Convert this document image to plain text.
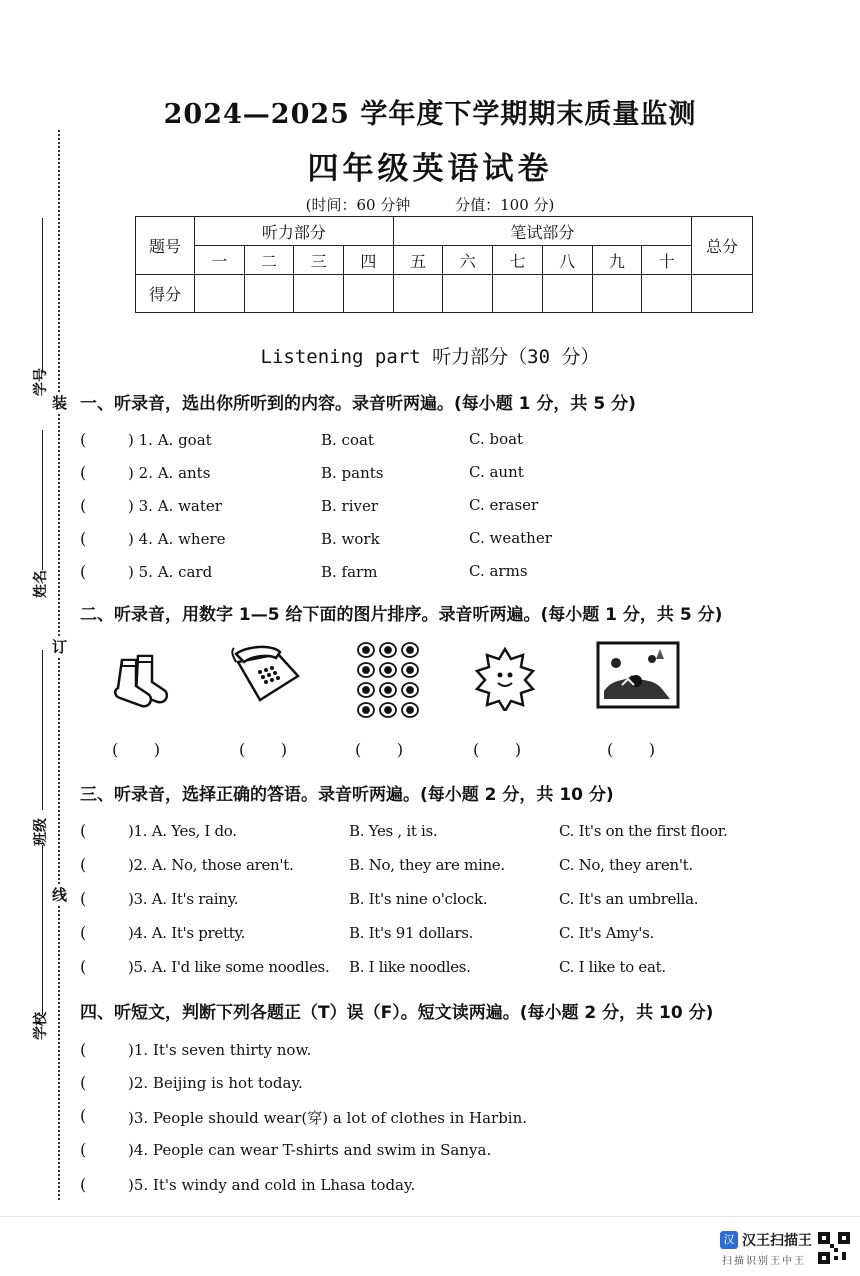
学号
姓名
班级
学校
装
订
线
2024—2025 学年度下学期期末质量监测
四年级英语试卷
(时间：60 分钟	分值：100 分)
题号	听力部分				笔试部分						总分
	一	二	三	四	五	六	七	八	九	十	
得分											
Listening part 听力部分（30 分）
一、听录音，选出你所听到的内容。录音听两遍。(每小题 1 分，共 5 分)
(	) 1. A. goat	B. coat	C. boat
(	) 2. A. ants	B. pants	C. aunt
(	) 3. A. water	B. river	C. eraser
(	) 4. A. where	B. work	C. weather
(	) 5. A. card	B. farm	C. arms
二、听录音，用数字 1—5 给下面的图片排序。录音听两遍。(每小题 1 分，共 5 分)
(       )	(       )	(       )	(       )	(       )
三、听录音，选择正确的答语。录音听两遍。(每小题 2 分，共 10 分)
(	)1. A. Yes, I do.	B. Yes , it is.	C. It's on the first floor.
(	)2. A. No, those aren't.	B. No, they are mine.	C. No, they aren't.
(	)3. A. It's rainy.	B. It's nine o'clock.	C. It's an umbrella.
(	)4. A. It's pretty.	B. It's 91 dollars.	C. It's Amy's.
(	)5. A. I'd like some noodles. B. I like noodles.	C. I like to eat.
四、听短文，判断下列各题正（T）误（F）。短文读两遍。(每小题 2 分，共 10 分)
(	)1. It's seven thirty now.
(	)2. Beijing is hot today.
(	)3. People should wear(穿) a lot of clothes in Harbin.
(	)4. People can wear T-shirts and swim in Sanya.
(	)5. It's windy and cold in Lhasa today.
汉 汉王扫描王
扫描识别王中王
